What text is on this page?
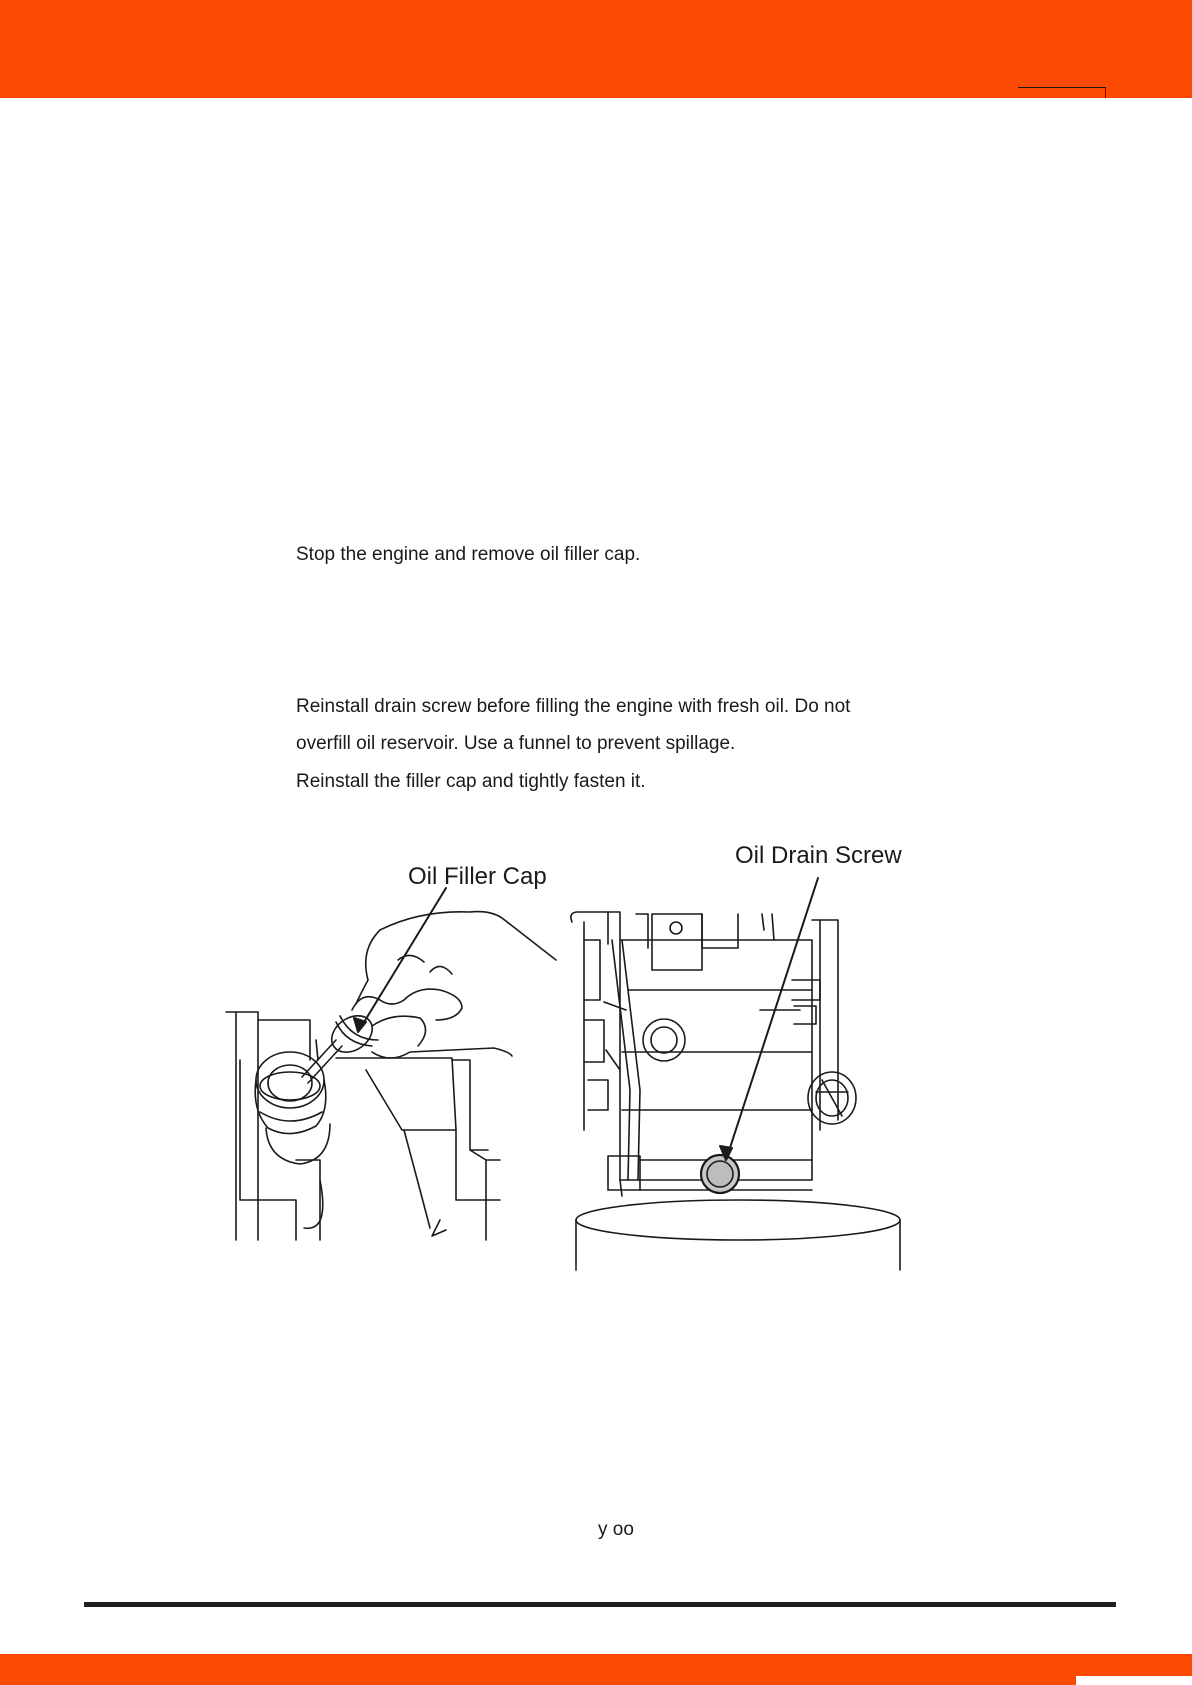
Stop the engine and remove oil filler cap.

Reinstall drain screw before filling the engine with fresh oil. Do not

overfill oil reservoir. Use a funnel to prevent spillage.

Reinstall the filler cap and tightly fasten it.

Oil Filler Cap
Oil Drain Screw
y oo
